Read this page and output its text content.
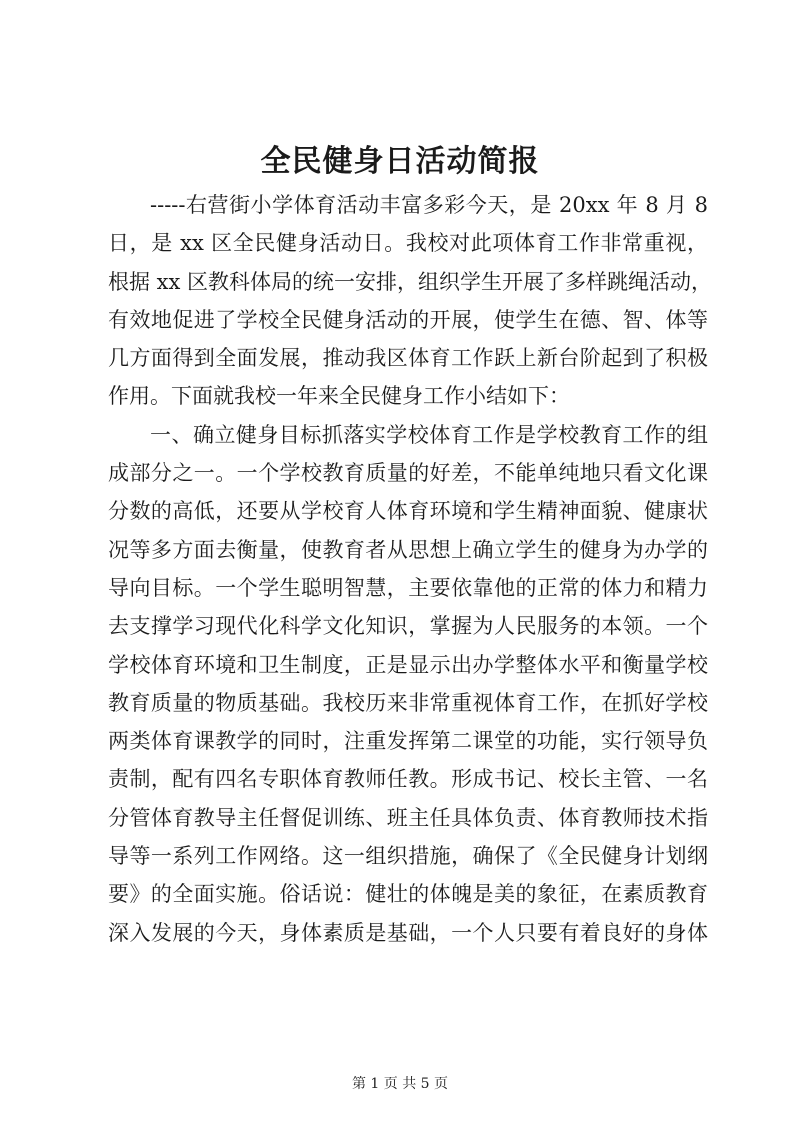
全民健身日活动简报
-----右营街小学体育活动丰富多彩今天，是 20xx 年 8 月 8
日，是 xx 区全民健身活动日。我校对此项体育工作非常重视，
根据 xx 区教科体局的统一安排，组织学生开展了多样跳绳活动，
有效地促进了学校全民健身活动的开展，使学生在德、智、体等
几方面得到全面发展，推动我区体育工作跃上新台阶起到了积极
作用。下面就我校一年来全民健身工作小结如下：
一、确立健身目标抓落实学校体育工作是学校教育工作的组
成部分之一。一个学校教育质量的好差，不能单纯地只看文化课
分数的高低，还要从学校育人体育环境和学生精神面貌、健康状
况等多方面去衡量，使教育者从思想上确立学生的健身为办学的
导向目标。一个学生聪明智慧，主要依靠他的正常的体力和精力
去支撑学习现代化科学文化知识，掌握为人民服务的本领。一个
学校体育环境和卫生制度，正是显示出办学整体水平和衡量学校
教育质量的物质基础。我校历来非常重视体育工作，在抓好学校
两类体育课教学的同时，注重发挥第二课堂的功能，实行领导负
责制，配有四名专职体育教师任教。形成书记、校长主管、一名
分管体育教导主任督促训练、班主任具体负责、体育教师技术指
导等一系列工作网络。这一组织措施，确保了《全民健身计划纲
要》的全面实施。俗话说：健壮的体魄是美的象征，在素质教育
深入发展的今天，身体素质是基础，一个人只要有着良好的身体
第 1 页 共 5 页
